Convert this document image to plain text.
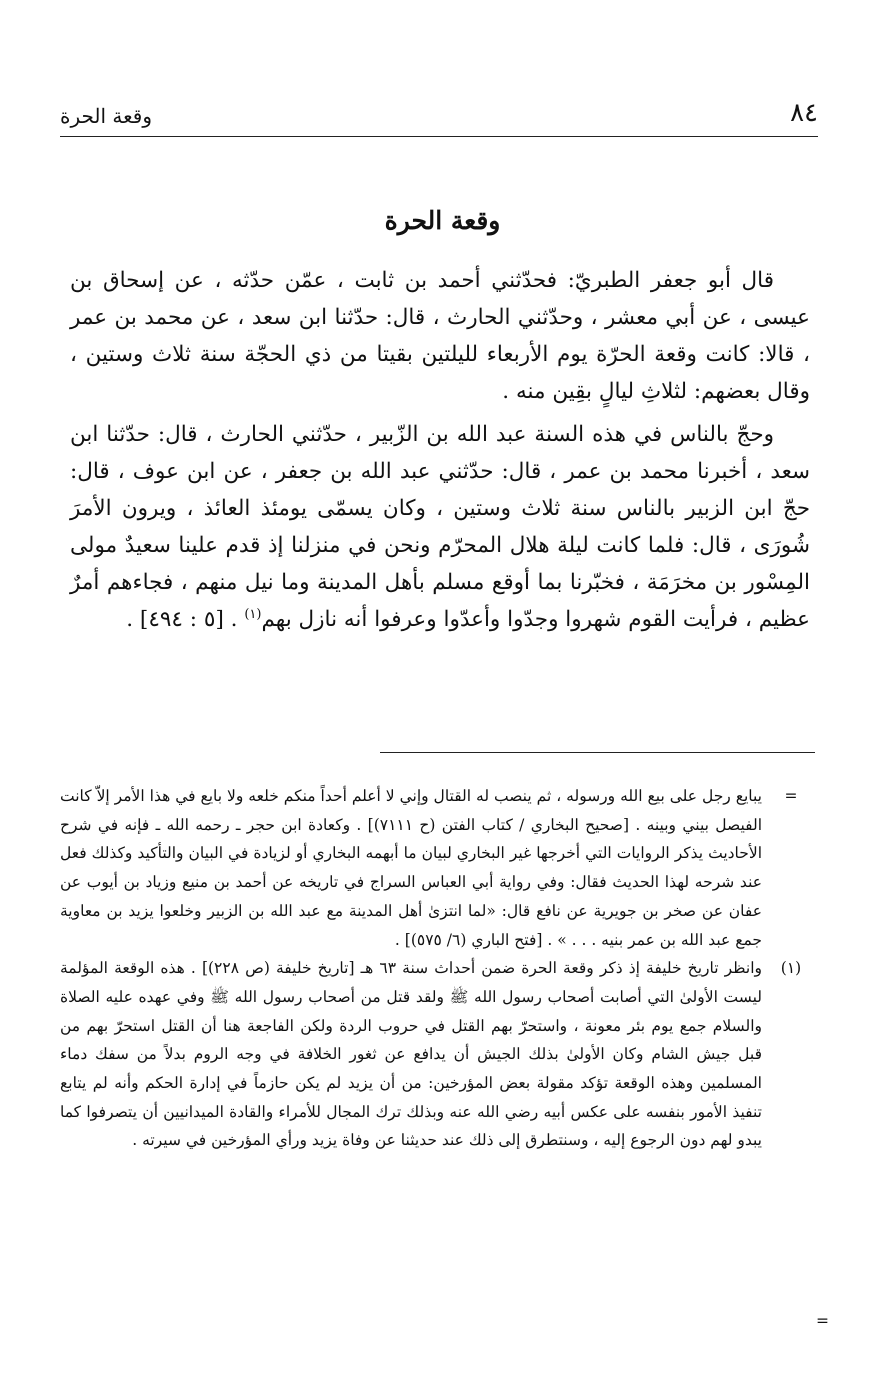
٨٤
وقعة الحرة
وقعة الحرة

قال أبو جعفر الطبريّ: فحدّثني أحمد بن ثابت ، عمّن حدّثه ، عن إسحاق بن عيسى ، عن أبي معشر ، وحدّثني الحارث ، قال: حدّثنا ابن سعد ، عن محمد بن عمر ، قالا: كانت وقعة الحرّة يوم الأربعاء لليلتين بقيتا من ذي الحجّة سنة ثلاث وستين ، وقال بعضهم: لثلاثِ ليالٍ بقِين منه .

وحجّ بالناس في هذه السنة عبد الله بن الزّبير ، حدّثني الحارث ، قال: حدّثنا ابن سعد ، أخبرنا محمد بن عمر ، قال: حدّثني عبد الله بن جعفر ، عن ابن عوف ، قال: حجّ ابن الزبير بالناس سنة ثلاث وستين ، وكان يسمّى يومئذ العائذ ، ويرون الأمرَ شُورَى ، قال: فلما كانت ليلة هلال المحرّم ونحن في منزلنا إذ قدم علينا سعيدٌ مولى المِسْور بن مخرَمَة ، فخبّرنا بما أوقع مسلم بأهل المدينة وما نيل منهم ، فجاءهم أمرٌ عظيم ، فرأيت القوم شهروا وجدّوا وأعدّوا وعرفوا أنه نازل بهم$^{(١)}$ . [٥ : ٤٩٤] .

=

يبايع رجل على بيع الله ورسوله ، ثم ينصب له القتال وإني لا أعلم أحداً منكم خلعه ولا بايع في هذا الأمر إلاّ كانت الفيصل بيني وبينه . [صحيح البخاري / كتاب الفتن (ح ٧١١١)] . وكعادة ابن حجر ـ رحمه الله ـ فإنه في شرح الأحاديث يذكر الروايات التي أخرجها غير البخاري لبيان ما أبهمه البخاري أو لزيادة في البيان والتأكيد وكذلك فعل عند شرحه لهذا الحديث فقال: وفي رواية أبي العباس السراج في تاريخه عن أحمد بن منيع وزياد بن أيوب عن عفان عن صخر بن جويرية عن نافع قال: «لما انتزىٰ أهل المدينة مع عبد الله بن الزبير وخلعوا يزيد بن معاوية جمع عبد الله بن عمر بنيه . . . » . [فتح الباري (٦/ ٥٧٥)] .

(١)

وانظر تاريخ خليفة إذ ذكر وقعة الحرة ضمن أحداث سنة ٦٣ هـ [تاريخ خليفة (ص ٢٢٨)] . هذه الوقعة المؤلمة ليست الأولىٰ التي أصابت أصحاب رسول الله ﷺ ولقد قتل من أصحاب رسول الله ﷺ وفي عهده عليه الصلاة والسلام جمع يوم بئر معونة ، واستحرّ بهم القتل في حروب الردة ولكن الفاجعة هنا أن القتل استحرّ بهم من قبل جيش الشام وكان الأولىٰ بذلك الجيش أن يدافع عن ثغور الخلافة في وجه الروم بدلاً من سفك دماء المسلمين وهذه الوقعة تؤكد مقولة بعض المؤرخين: من أن يزيد لم يكن حازماً في إدارة الحكم وأنه لم يتابع تنفيذ الأمور بنفسه على عكس أبيه رضي الله عنه وبذلك ترك المجال للأمراء والقادة الميدانيين أن يتصرفوا كما يبدو لهم دون الرجوع إليه ، وسنتطرق إلى ذلك عند حديثنا عن وفاة يزيد ورأي المؤرخين في سيرته .

=
